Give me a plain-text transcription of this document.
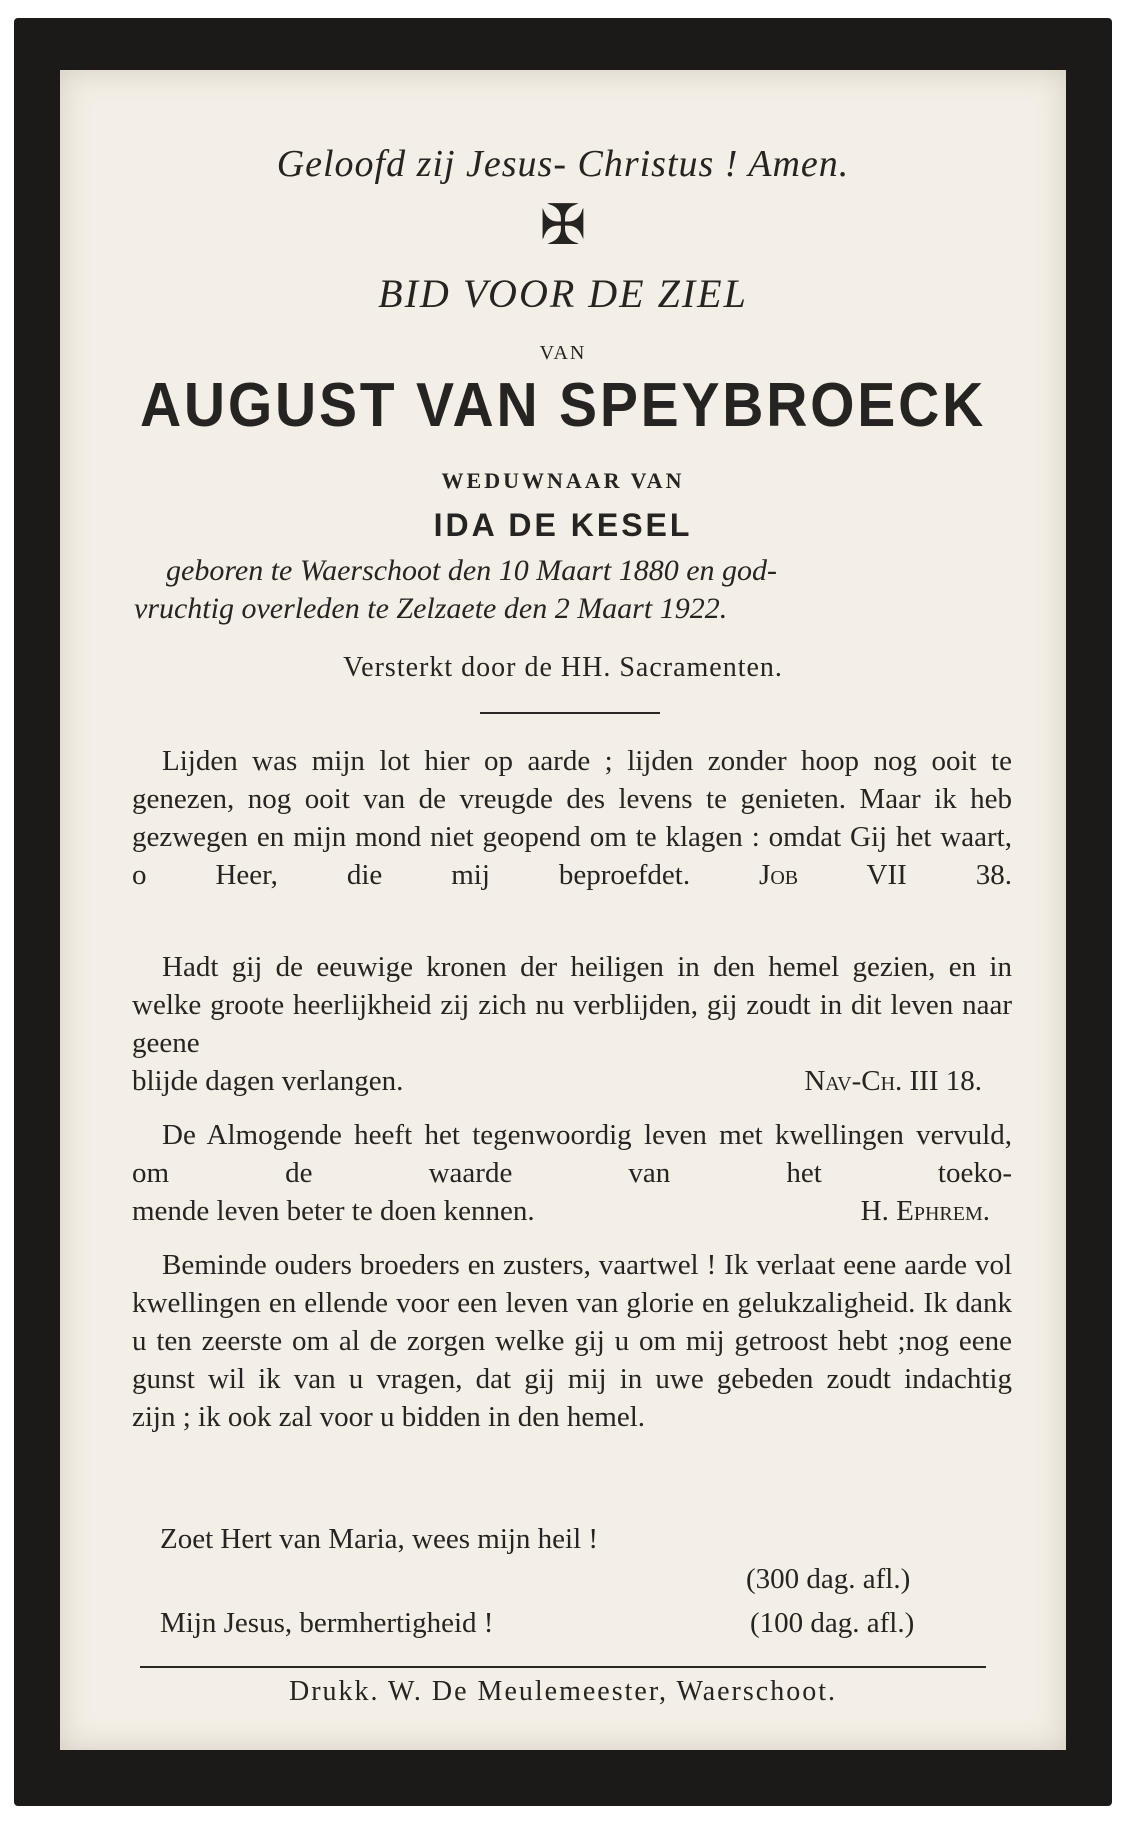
Geloofd zij Jesus- Christus ! Amen.
✠
BID VOOR DE ZIEL
VAN
AUGUST VAN SPEYBROECK
WEDUWNAAR VAN
IDA DE KESEL
geboren te Waerschoot den 10 Maart 1880 en god-
vruchtig overleden te Zelzaete den 2 Maart 1922.
Versterkt door de HH. Sacramenten.
Lijden was mijn lot hier op aarde ; lijden zonder hoop nog ooit te genezen, nog ooit van de vreugde des levens te genieten. Maar ik heb gezwegen en mijn mond niet geopend om te klagen : omdat Gij het waart, o Heer, die mij beproefdet. Job VII 38.
Hadt gij de eeuwige kronen der heiligen in den hemel gezien, en in welke groote heerlijkheid zij zich nu verblijden, gij zoudt in dit leven naar geene
blijde dagen verlangen.	Nav-Ch. III 18.
De Almogende heeft het tegenwoordig leven met kwellingen vervuld, om de waarde van het toeko-
mende leven beter te doen kennen.	H. Ephrem.
Beminde ouders broeders en zusters, vaartwel ! Ik verlaat eene aarde vol kwellingen en ellende voor een leven van glorie en gelukzaligheid. Ik dank u ten zeerste om al de zorgen welke gij u om mij getroost hebt ;nog eene gunst wil ik van u vragen, dat gij mij in uwe gebeden zoudt indachtig
zijn ; ik ook zal voor u bidden in den hemel.
Zoet Hert van Maria, wees mijn heil !
(300 dag. afl.)
Mijn Jesus, bermhertigheid !	(100 dag. afl.)
Drukk. W. De Meulemeester, Waerschoot.
